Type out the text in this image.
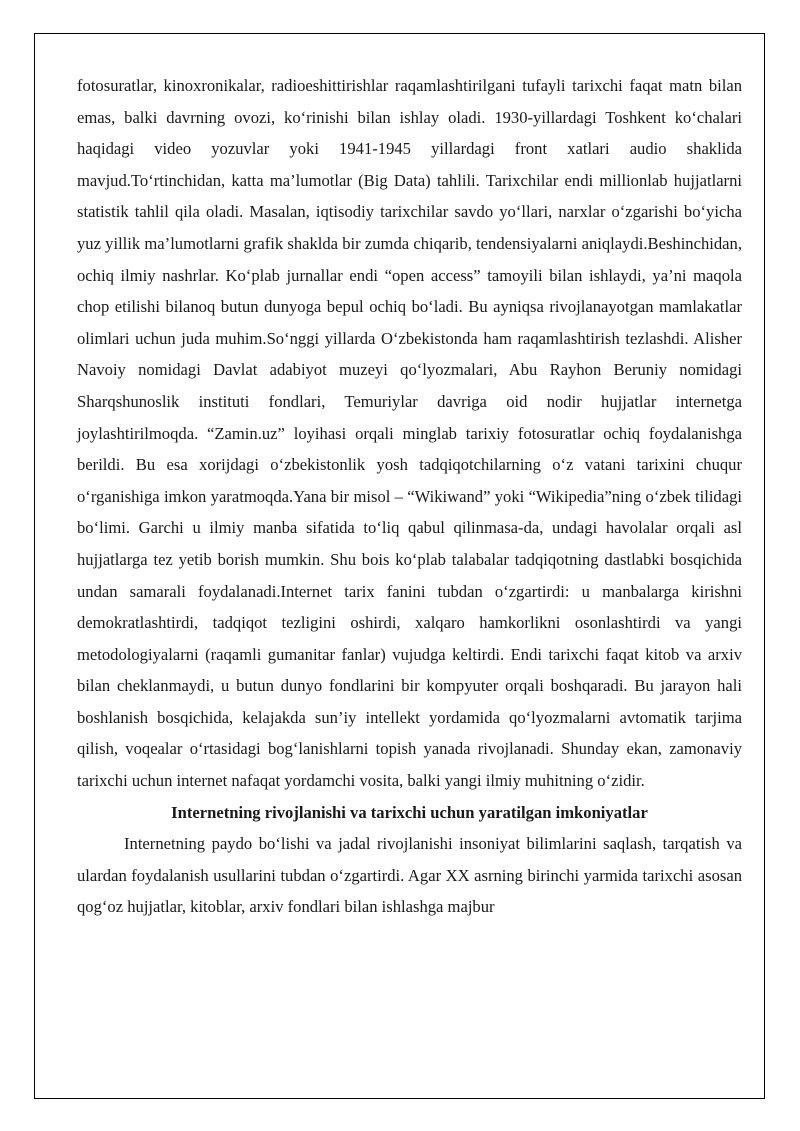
fotosuratlar, kinoxronikalar, radioeshittirishlar raqamlashtirilgani tufayli tarixchi faqat matn bilan emas, balki davrning ovozi, ko‘rinishi bilan ishlay oladi. 1930-yillardagi Toshkent ko‘chalari haqidagi video yozuvlar yoki 1941-1945 yillardagi front xatlari audio shaklida mavjud.To‘rtinchidan, katta ma’lumotlar (Big Data) tahlili. Tarixchilar endi millionlab hujjatlarni statistik tahlil qila oladi. Masalan, iqtisodiy tarixchilar savdo yo‘llari, narxlar o‘zgarishi bo‘yicha yuz yillik ma’lumotlarni grafik shaklda bir zumda chiqarib, tendensiyalarni aniqlaydi.Beshinchidan, ochiq ilmiy nashrlar. Ko‘plab jurnallar endi “open access” tamoyili bilan ishlaydi, ya’ni maqola chop etilishi bilanoq butun dunyoga bepul ochiq bo‘ladi. Bu ayniqsa rivojlanayotgan mamlakatlar olimlari uchun juda muhim.So‘nggi yillarda O‘zbekistonda ham raqamlashtirish tezlashdi. Alisher Navoiy nomidagi Davlat adabiyot muzeyi qo‘lyozmalari, Abu Rayhon Beruniy nomidagi Sharqshunoslik instituti fondlari, Temuriylar davriga oid nodir hujjatlar internetga joylashtirilmoqda. “Zamin.uz” loyihasi orqali minglab tarixiy fotosuratlar ochiq foydalanishga berildi. Bu esa xorijdagi o‘zbekistonlik yosh tadqiqotchilarning o‘z vatani tarixini chuqur o‘rganishiga imkon yaratmoqda.Yana bir misol – “Wikiwand” yoki “Wikipedia”ning o‘zbek tilidagi bo‘limi. Garchi u ilmiy manba sifatida to‘liq qabul qilinmasa-da, undagi havolalar orqali asl hujjatlarga tez yetib borish mumkin. Shu bois ko‘plab talabalar tadqiqotning dastlabki bosqichida undan samarali foydalanadi.Internet tarix fanini tubdan o‘zgartirdi: u manbalarga kirishni demokratlashtirdi, tadqiqot tezligini oshirdi, xalqaro hamkorlikni osonlashtirdi va yangi metodologiyalarni (raqamli gumanitar fanlar) vujudga keltirdi. Endi tarixchi faqat kitob va arxiv bilan cheklanmaydi, u butun dunyo fondlarini bir kompyuter orqali boshqaradi. Bu jarayon hali boshlanish bosqichida, kelajakda sun’iy intellekt yordamida qo‘lyozmalarni avtomatik tarjima qilish, voqealar o‘rtasidagi bog‘lanishlarni topish yanada rivojlanadi. Shunday ekan, zamonaviy tarixchi uchun internet nafaqat yordamchi vosita, balki yangi ilmiy muhitning o‘zidir.

Internetning rivojlanishi va tarixchi uchun yaratilgan imkoniyatlar

Internetning paydo bo‘lishi va jadal rivojlanishi insoniyat bilimlarini saqlash, tarqatish va ulardan foydalanish usullarini tubdan o‘zgartirdi. Agar XX asrning birinchi yarmida tarixchi asosan qog‘oz hujjatlar, kitoblar, arxiv fondlari bilan ishlashga majbur
